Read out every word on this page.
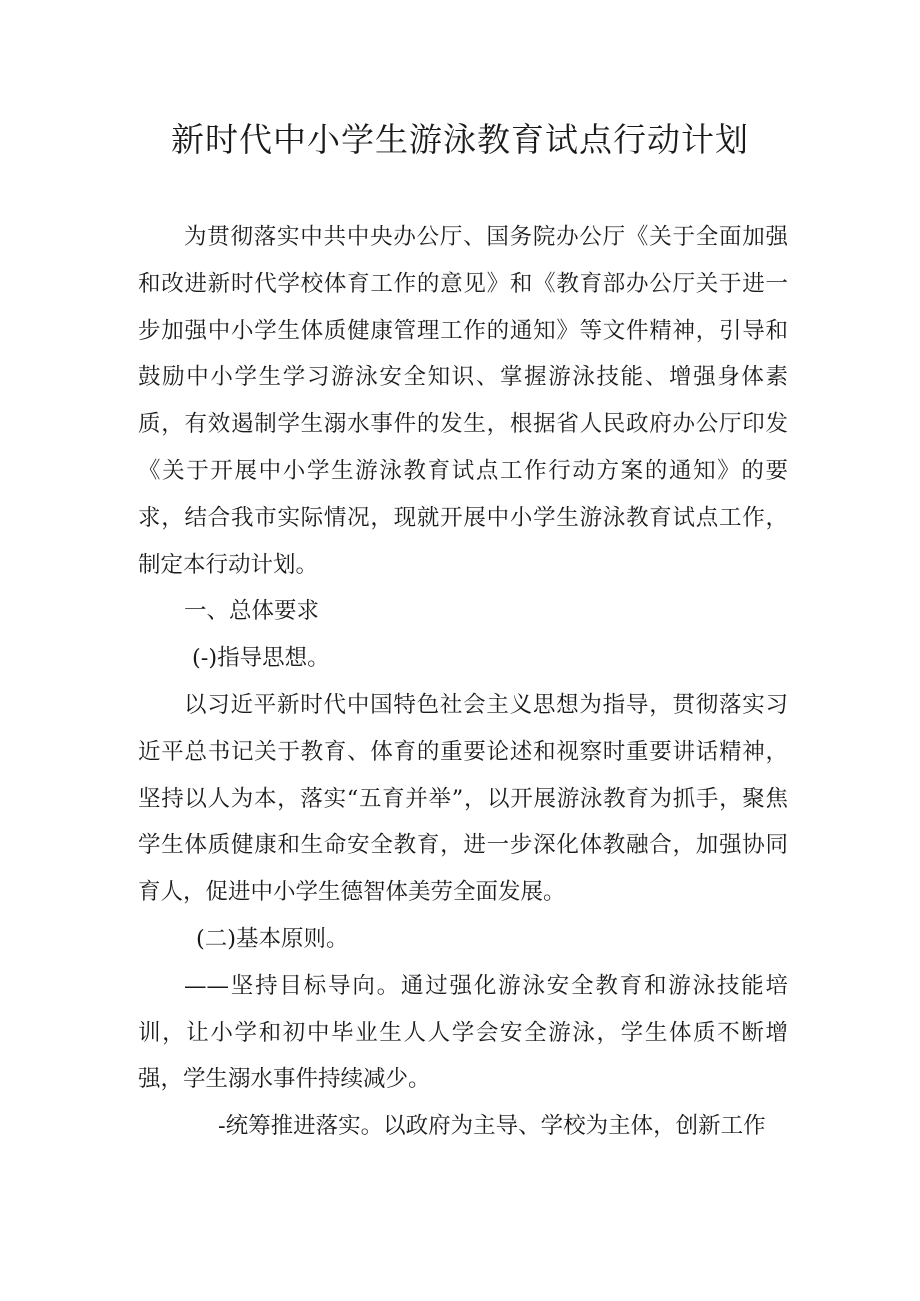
新时代中小学生游泳教育试点行动计划

为贯彻落实中共中央办公厅、国务院办公厅《关于全面加强和改进新时代学校体育工作的意见》和《教育部办公厅关于进一步加强中小学生体质健康管理工作的通知》等文件精神，引导和鼓励中小学生学习游泳安全知识、掌握游泳技能、增强身体素质，有效遏制学生溺水事件的发生，根据省人民政府办公厅印发《关于开展中小学生游泳教育试点工作行动方案的通知》的要求，结合我市实际情况，现就开展中小学生游泳教育试点工作，制定本行动计划。

一、总体要求

(-)指导思想。

以习近平新时代中国特色社会主义思想为指导，贯彻落实习近平总书记关于教育、体育的重要论述和视察时重要讲话精神，坚持以人为本，落实“五育并举”，以开展游泳教育为抓手，聚焦学生体质健康和生命安全教育，进一步深化体教融合，加强协同育人，促进中小学生德智体美劳全面发展。

(二)基本原则。

——坚持目标导向。通过强化游泳安全教育和游泳技能培训，让小学和初中毕业生人人学会安全游泳，学生体质不断增强，学生溺水事件持续减少。

-统筹推进落实。以政府为主导、学校为主体，创新工作
